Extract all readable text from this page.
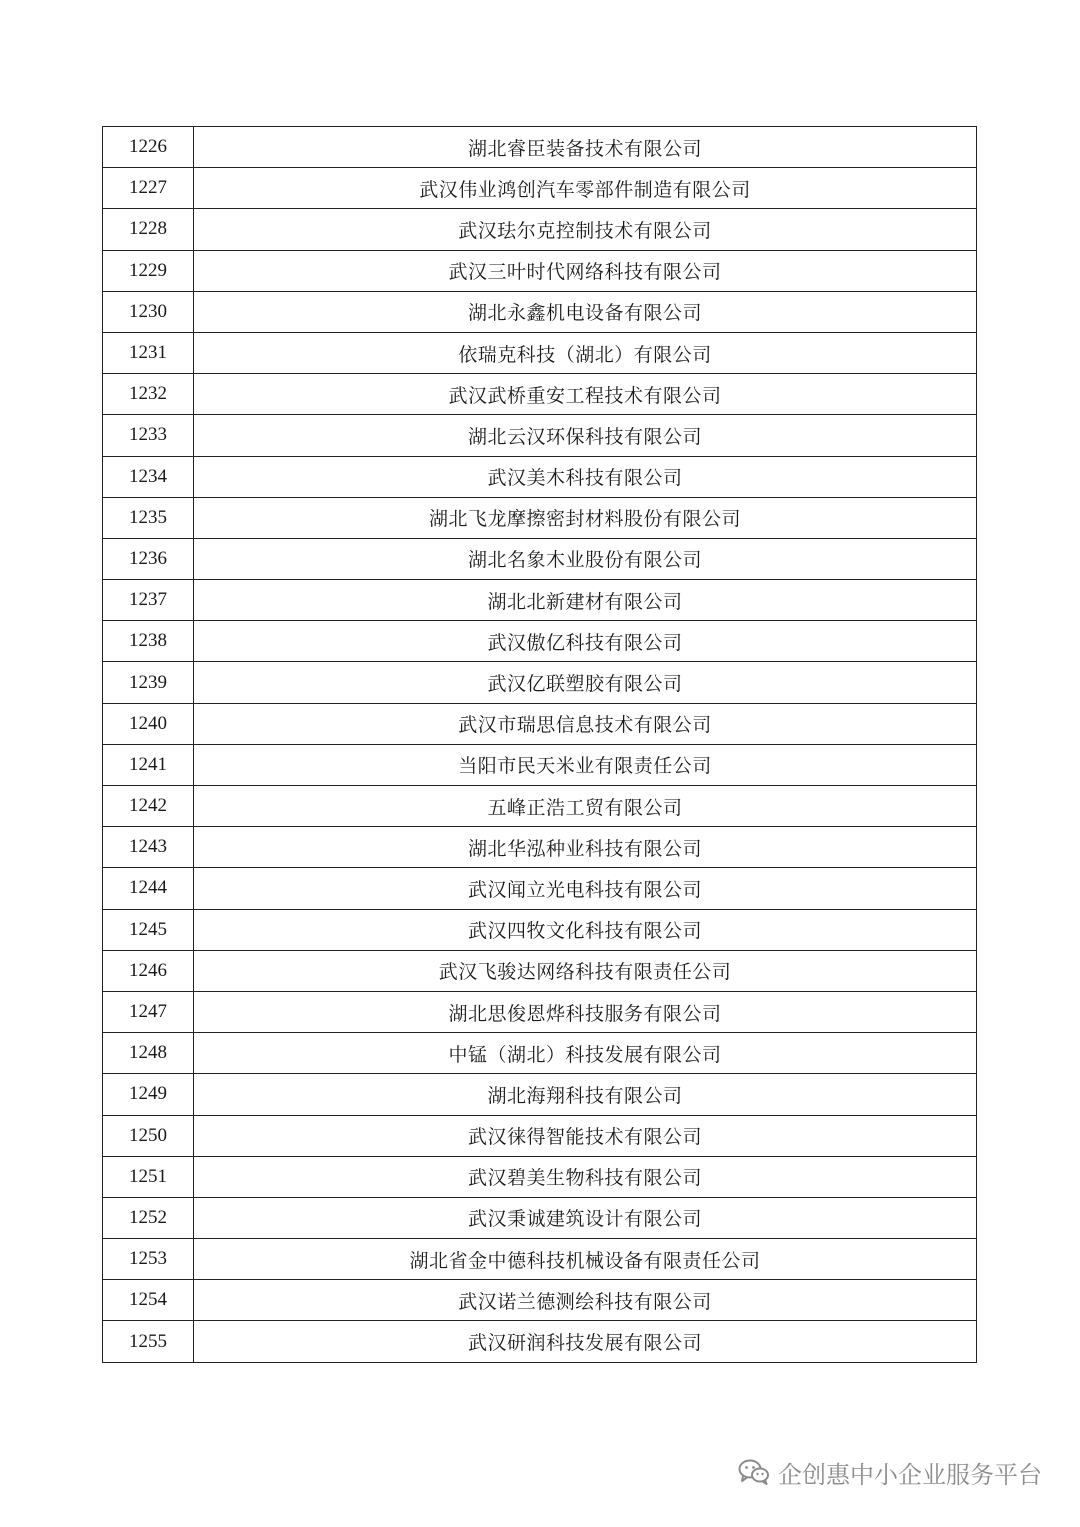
1226	湖北睿臣装备技术有限公司
1227	武汉伟业鸿创汽车零部件制造有限公司
1228	武汉珐尔克控制技术有限公司
1229	武汉三叶时代网络科技有限公司
1230	湖北永鑫机电设备有限公司
1231	依瑞克科技（湖北）有限公司
1232	武汉武桥重安工程技术有限公司
1233	湖北云汉环保科技有限公司
1234	武汉美木科技有限公司
1235	湖北飞龙摩擦密封材料股份有限公司
1236	湖北名象木业股份有限公司
1237	湖北北新建材有限公司
1238	武汉傲亿科技有限公司
1239	武汉亿联塑胶有限公司
1240	武汉市瑞思信息技术有限公司
1241	当阳市民天米业有限责任公司
1242	五峰正浩工贸有限公司
1243	湖北华泓种业科技有限公司
1244	武汉闻立光电科技有限公司
1245	武汉四牧文化科技有限公司
1246	武汉飞骏达网络科技有限责任公司
1247	湖北思俊恩烨科技服务有限公司
1248	中锰（湖北）科技发展有限公司
1249	湖北海翔科技有限公司
1250	武汉徕得智能技术有限公司
1251	武汉碧美生物科技有限公司
1252	武汉秉诚建筑设计有限公司
1253	湖北省金中德科技机械设备有限责任公司
1254	武汉诺兰德测绘科技有限公司
1255	武汉研润科技发展有限公司
企创惠中小企业服务平台
